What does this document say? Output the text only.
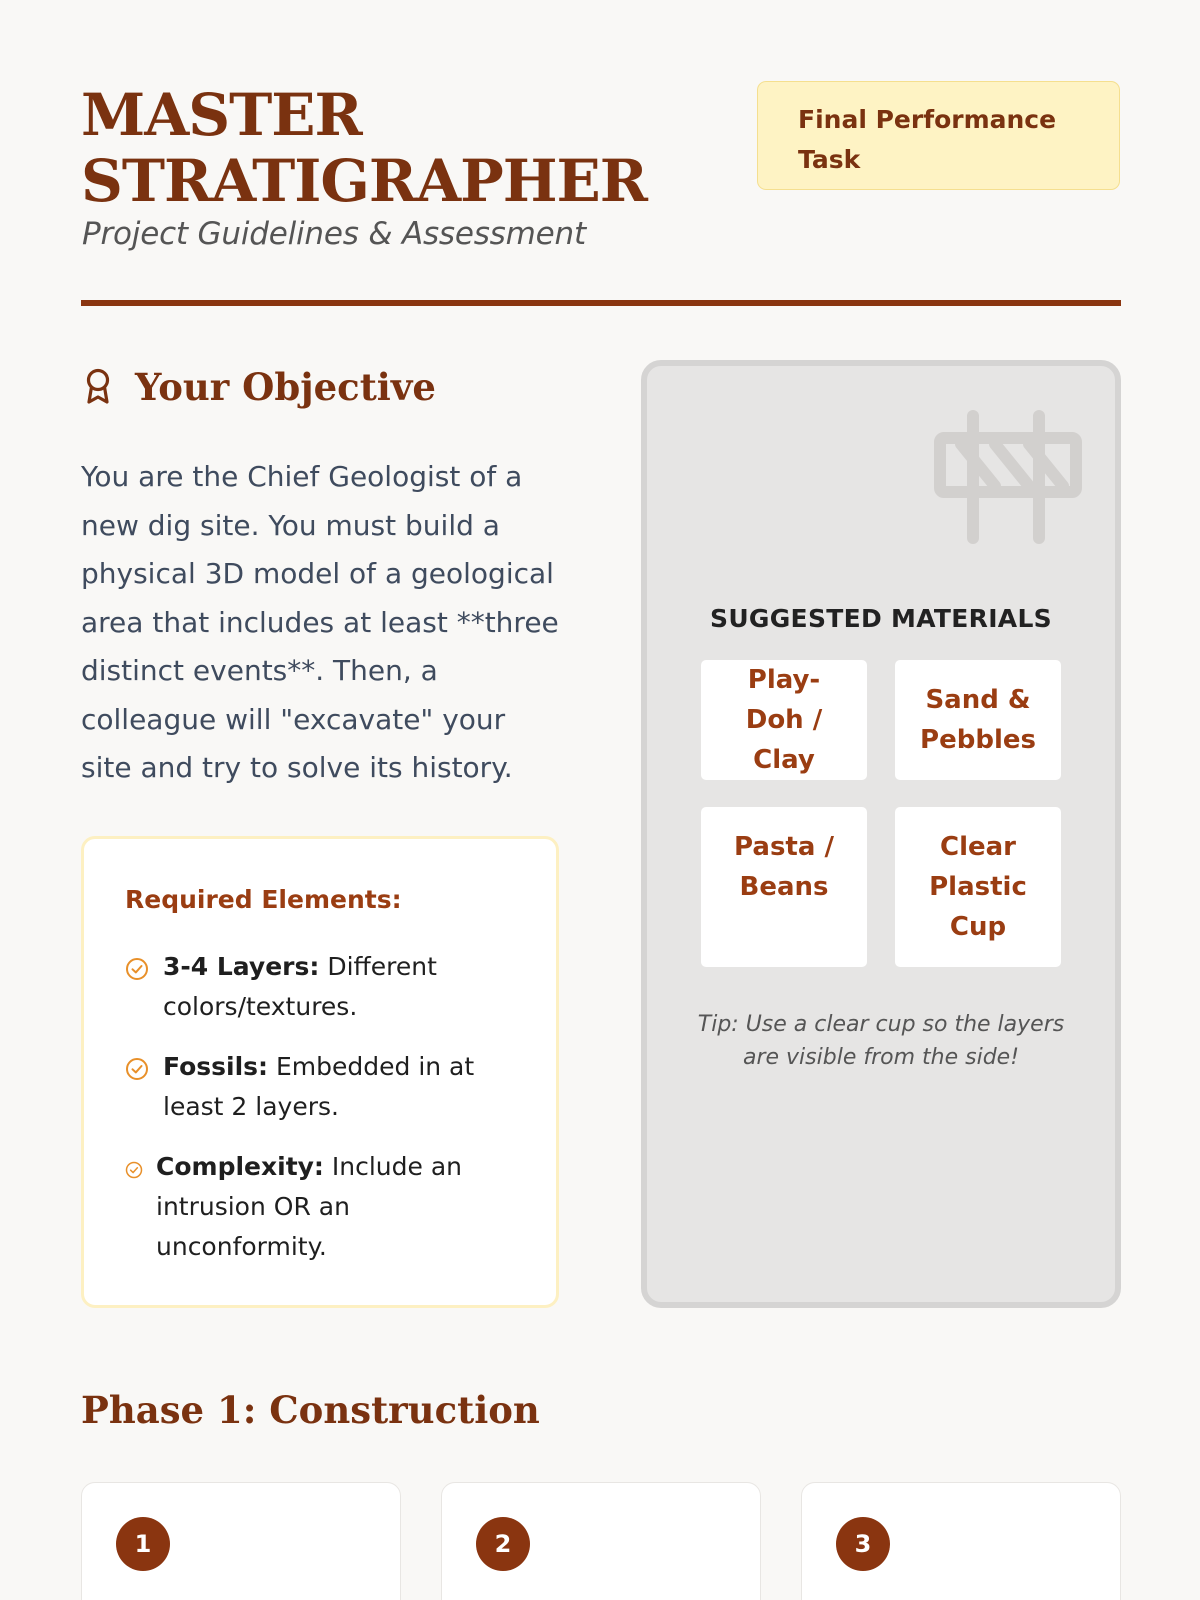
MASTER
STRATIGRAPHER
Project Guidelines & Assessment
Final Performance Task
Your Objective

You are the Chief Geologist of a new dig site. You must build a physical 3D model of a geological area that includes at least **three distinct events**. Then, a colleague will "excavate" your site and try to solve its history.

Required Elements:
3-4 Layers: Different colors/textures.
Fossils: Embedded in at least 2 layers.
Complexity: Include an intrusion OR an unconformity.
SUGGESTED MATERIALS
Play-Doh / Clay
Sand & Pebbles
Pasta / Beans
Clear Plastic Cup

Tip: Use a clear cup so the layers are visible from the side!

Phase 1: Construction
1	2	3
